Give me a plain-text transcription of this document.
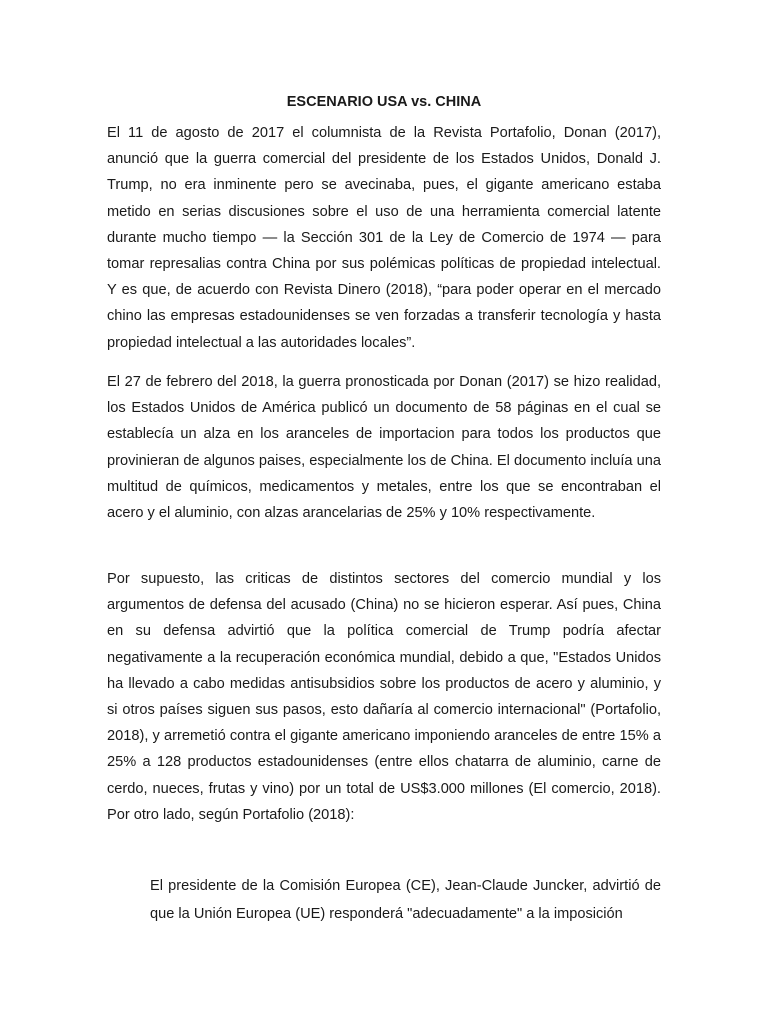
ESCENARIO USA vs. CHINA

El 11 de agosto de 2017 el columnista de la Revista Portafolio, Donan (2017), anunció que la guerra comercial del presidente de los Estados Unidos, Donald J. Trump, no era inminente pero se avecinaba, pues, el gigante americano estaba metido en serias discusiones sobre el uso de una herramienta comercial latente durante mucho tiempo — la Sección 301 de la Ley de Comercio de 1974 — para tomar represalias contra China por sus polémicas políticas de propiedad intelectual. Y es que, de acuerdo con Revista Dinero (2018), “para poder operar en el mercado chino las empresas estadounidenses se ven forzadas a transferir tecnología y hasta propiedad intelectual a las autoridades locales”.

El 27 de febrero del 2018, la guerra pronosticada por Donan (2017) se hizo realidad, los Estados Unidos de América publicó un documento de 58 páginas en el cual se establecía un alza en los aranceles de importacion para todos los productos que provinieran de algunos paises, especialmente los de China. El documento incluía una multitud de químicos, medicamentos y metales, entre los que se encontraban el acero y el aluminio, con alzas arancelarias de 25% y 10% respectivamente.

Por supuesto, las criticas de distintos sectores del comercio mundial y los argumentos de defensa del acusado (China) no se hicieron esperar. Así pues, China en su defensa advirtió que la política comercial de Trump podría afectar negativamente a la recuperación económica mundial, debido a que, "Estados Unidos ha llevado a cabo medidas antisubsidios sobre los productos de acero y aluminio, y si otros países siguen sus pasos, esto dañaría al comercio internacional" (Portafolio, 2018), y arremetió contra el gigante americano imponiendo aranceles de entre 15% a 25% a 128 productos estadounidenses (entre ellos chatarra de aluminio, carne de cerdo, nueces, frutas y vino) por un total de US$3.000 millones (El comercio, 2018). Por otro lado, según Portafolio (2018):

El presidente de la Comisión Europea (CE), Jean-Claude Juncker, advirtió de que la Unión Europea (UE) responderá "adecuadamente" a la imposición
